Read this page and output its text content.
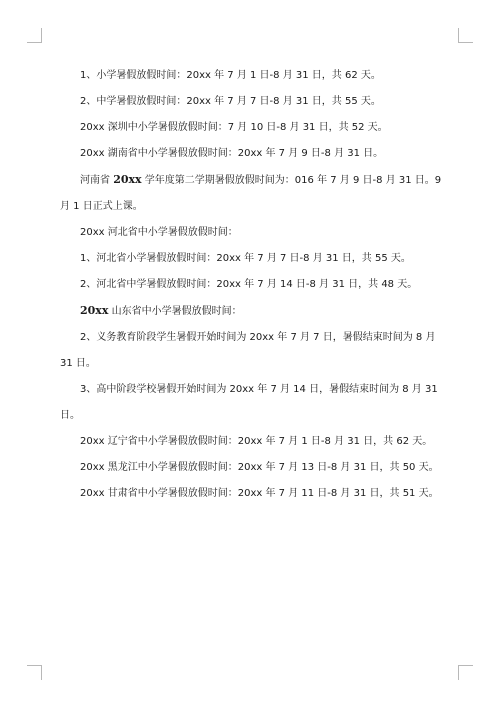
1、小学暑假放假时间：20xx 年 7 月 1 日-8 月 31 日，共 62 天。

2、中学暑假放假时间：20xx 年 7 月 7 日-8 月 31 日，共 55 天。

20xx 深圳中小学暑假放假时间：7 月 10 日-8 月 31 日，共 52 天。

20xx 湖南省中小学暑假放假时间：20xx 年 7 月 9 日-8 月 31 日。

河南省 20xx 学年度第二学期暑假放假时间为：016 年 7 月 9 日-8 月 31 日。9 月 1 日正式上课。

20xx 河北省中小学暑假放假时间：

1、河北省小学暑假放假时间：20xx 年 7 月 7 日-8 月 31 日，共 55 天。

2、河北省中学暑假放假时间：20xx 年 7 月 14 日-8 月 31 日，共 48 天。

20xx 山东省中小学暑假放假时间：

2、义务教育阶段学生暑假开始时间为 20xx 年 7 月 7 日，暑假结束时间为 8 月 31 日。

3、高中阶段学校暑假开始时间为 20xx 年 7 月 14 日，暑假结束时间为 8 月 31 日。

20xx 辽宁省中小学暑假放假时间：20xx 年 7 月 1 日-8 月 31 日，共 62 天。

20xx 黑龙江中小学暑假放假时间：20xx 年 7 月 13 日-8 月 31 日，共 50 天。

20xx 甘肃省中小学暑假放假时间：20xx 年 7 月 11 日-8 月 31 日，共 51 天。
